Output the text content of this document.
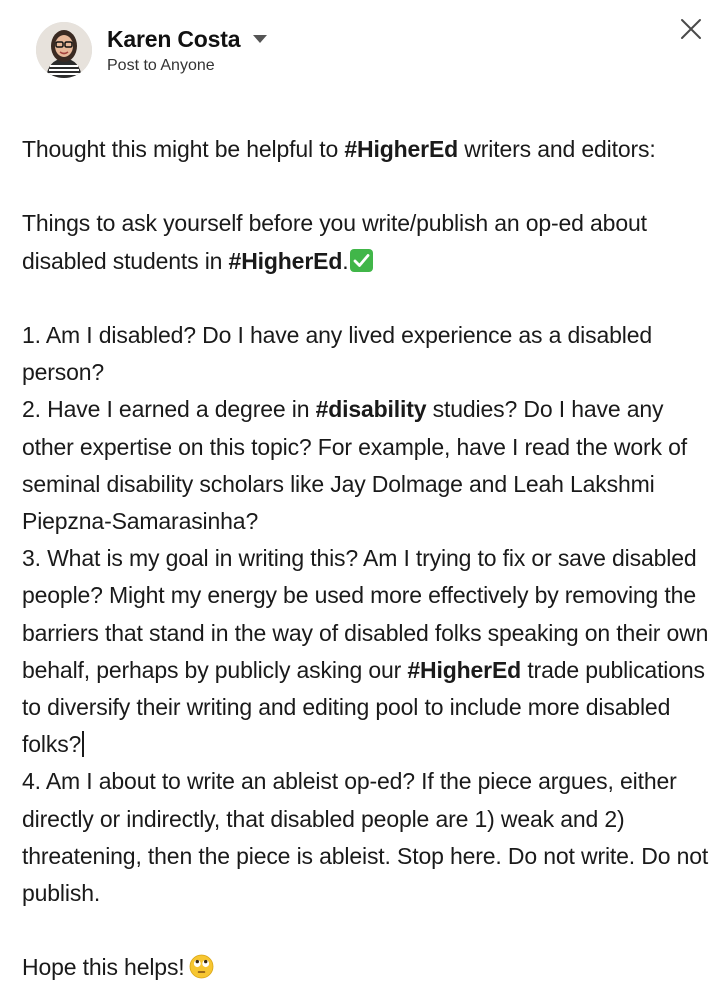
Karen Costa
Post to Anyone

Thought this might be helpful to #HigherEd writers and editors:

Things to ask yourself before you write/publish an op-ed about disabled students in #HigherEd.

1. Am I disabled? Do I have any lived experience as a disabled person?

2. Have I earned a degree in #disability studies? Do I have any other expertise on this topic? For example, have I read the work of seminal disability scholars like Jay Dolmage and Leah Lakshmi Piepzna-Samarasinha?

3. What is my goal in writing this? Am I trying to fix or save disabled people? Might my energy be used more effectively by removing the barriers that stand in the way of disabled folks speaking on their own behalf, perhaps by publicly asking our #HigherEd trade publications to diversify their writing and editing pool to include more disabled folks?

4. Am I about to write an ableist op-ed? If the piece argues, either directly or indirectly, that disabled people are 1) weak and 2) threatening, then the piece is ableist. Stop here. Do not write. Do not publish.

Hope this helps!
